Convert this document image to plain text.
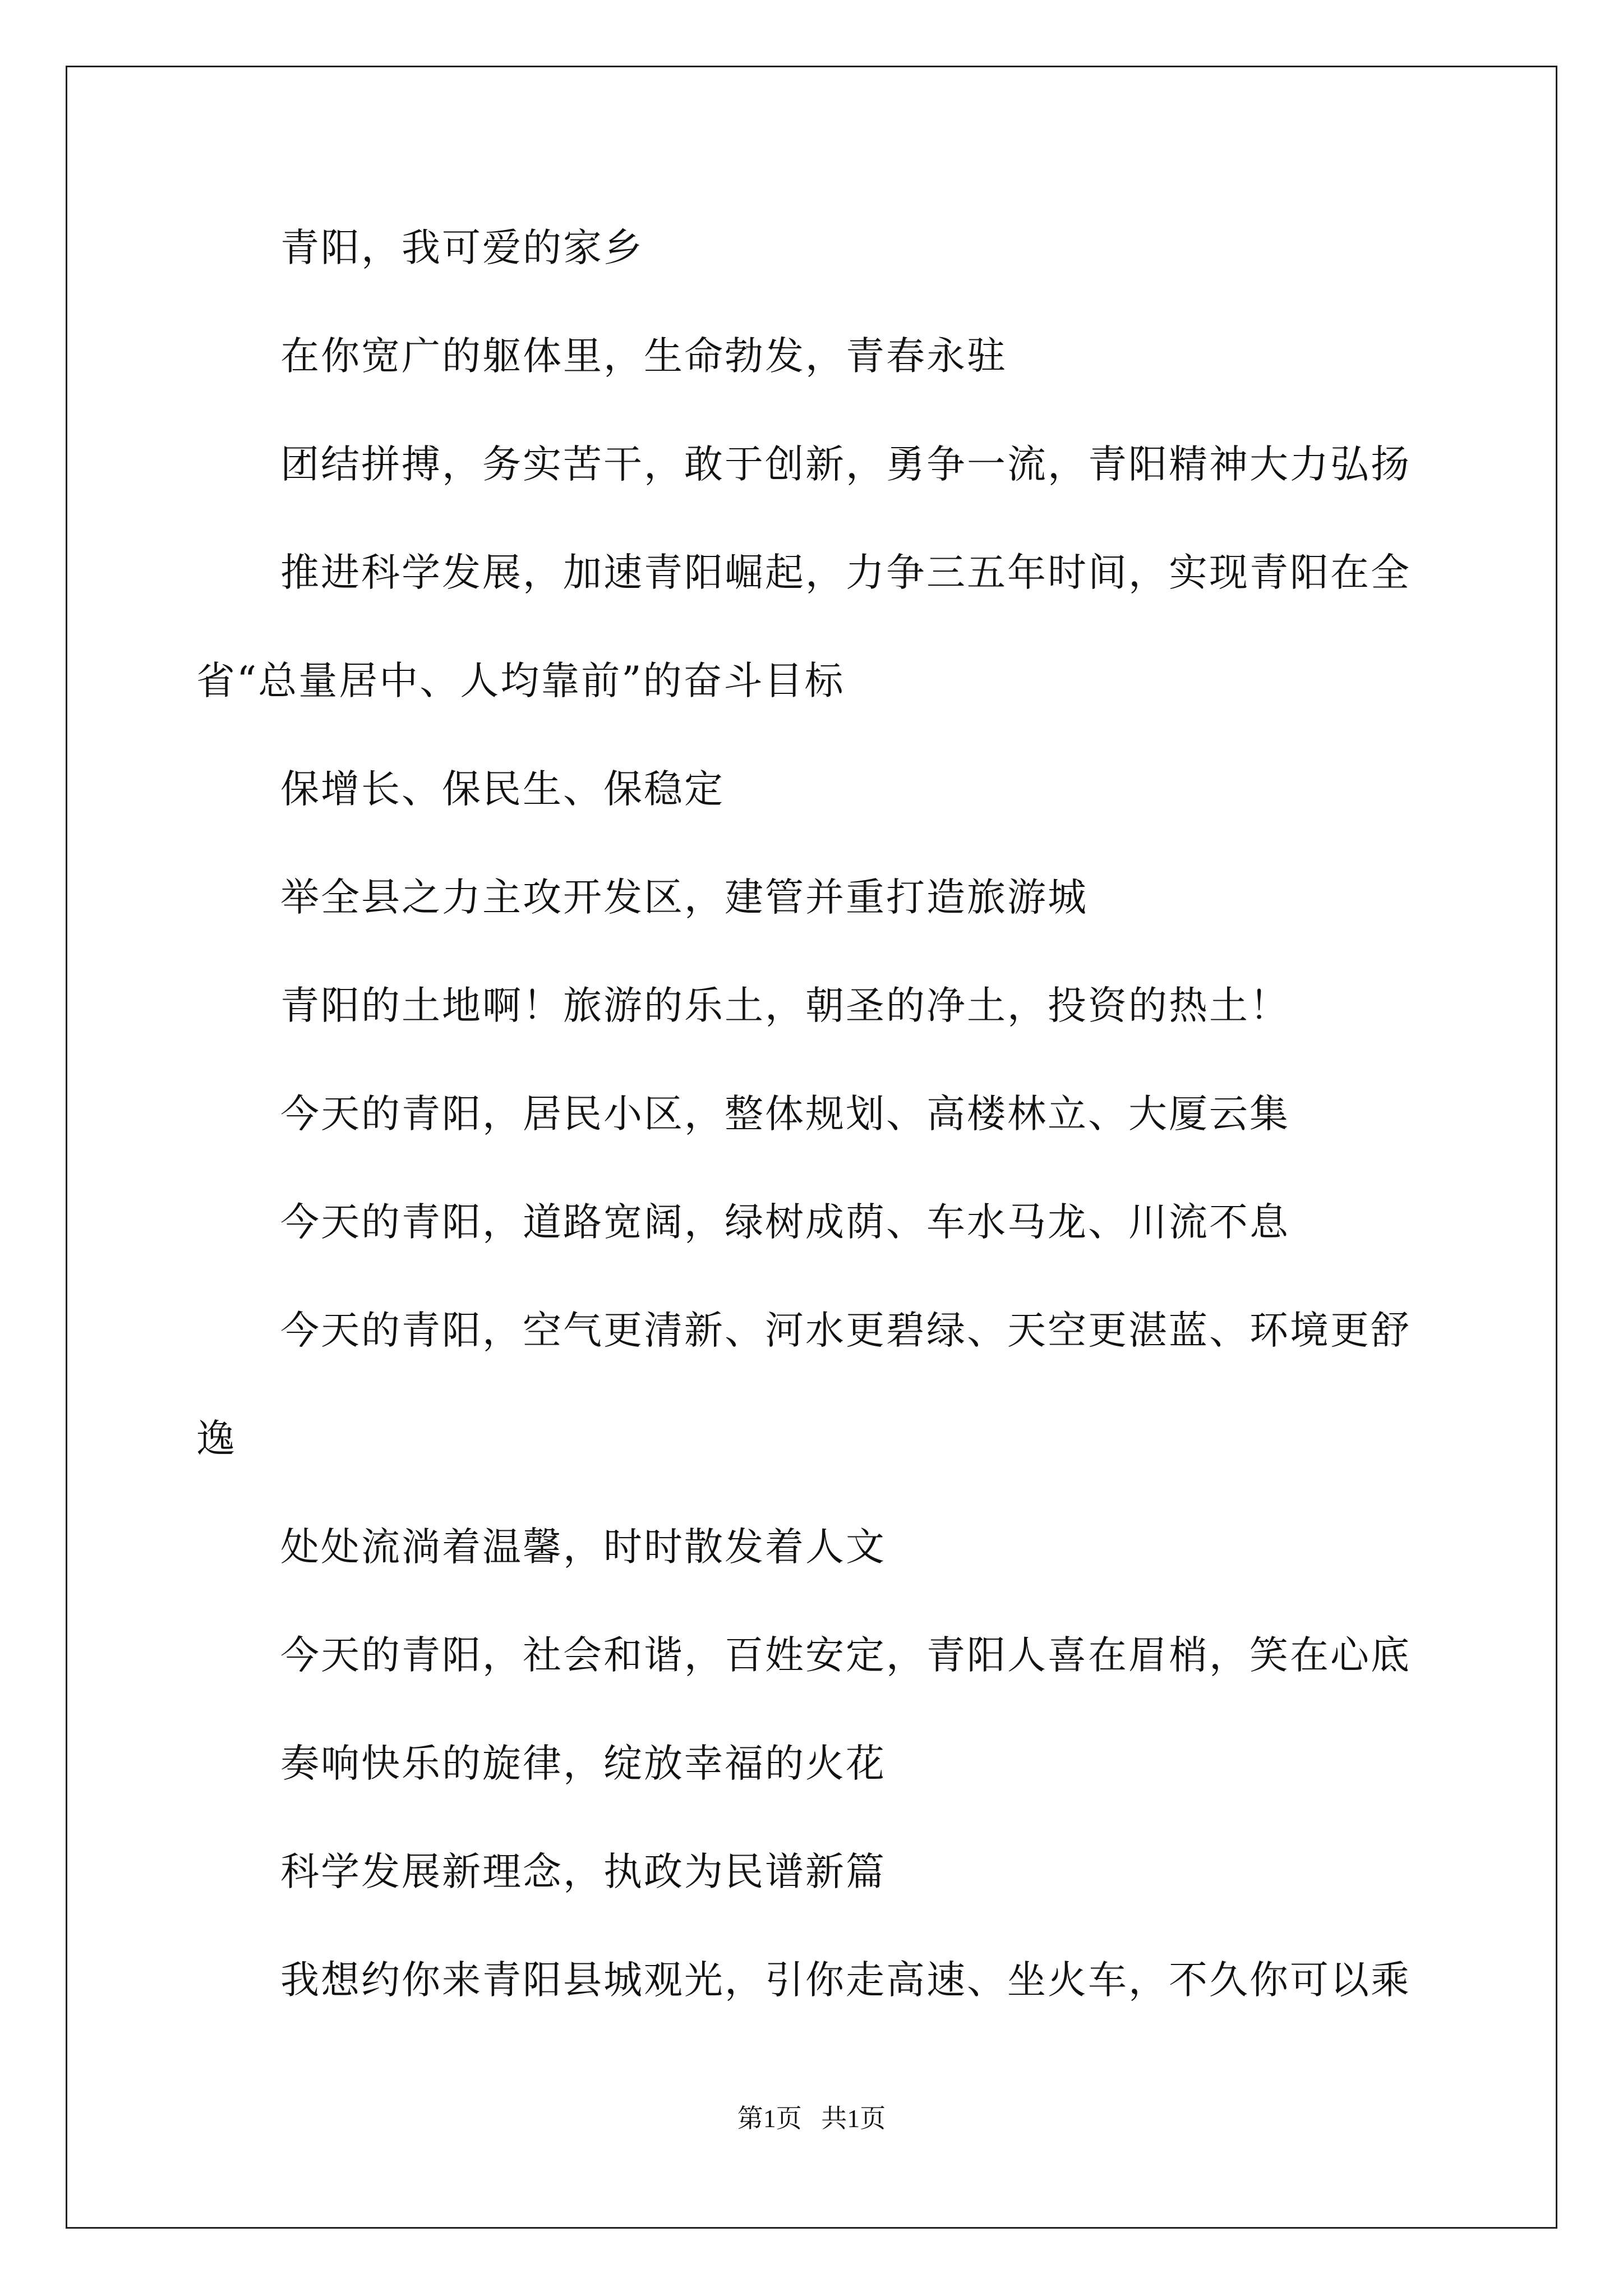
青阳，我可爱的家乡
在你宽广的躯体里，生命勃发，青春永驻
团结拼搏，务实苦干，敢于创新，勇争一流，青阳精神大力弘扬
推进科学发展，加速青阳崛起，力争三五年时间，实现青阳在全
省“总量居中、人均靠前”的奋斗目标
保增长、保民生、保稳定
举全县之力主攻开发区，建管并重打造旅游城
青阳的土地啊！旅游的乐土，朝圣的净土，投资的热土！
今天的青阳，居民小区，整体规划、高楼林立、大厦云集
今天的青阳，道路宽阔，绿树成荫、车水马龙、川流不息
今天的青阳，空气更清新、河水更碧绿、天空更湛蓝、环境更舒
逸
处处流淌着温馨，时时散发着人文
今天的青阳，社会和谐，百姓安定，青阳人喜在眉梢，笑在心底
奏响快乐的旋律，绽放幸福的火花
科学发展新理念，执政为民谱新篇
我想约你来青阳县城观光，引你走高速、坐火车，不久你可以乘
第1页   共1页
